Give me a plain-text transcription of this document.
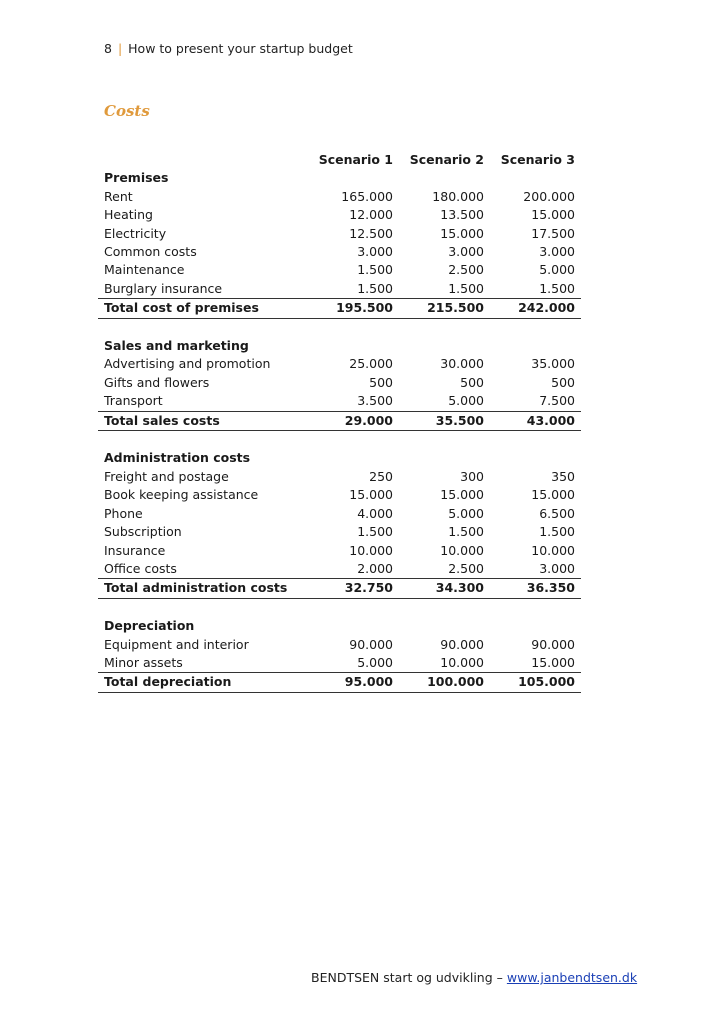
8 | How to present your startup budget
Costs
	Scenario 1	Scenario 2	Scenario 3
Premises			
Rent	165.000	180.000	200.000
Heating	12.000	13.500	15.000
Electricity	12.500	15.000	17.500
Common costs	3.000	3.000	3.000
Maintenance	1.500	2.500	5.000
Burglary insurance	1.500	1.500	1.500
Total cost of premises	195.500	215.500	242.000

Sales and marketing			
Advertising and promotion	25.000	30.000	35.000
Gifts and flowers	500	500	500
Transport	3.500	5.000	7.500
Total sales costs	29.000	35.500	43.000

Administration costs			
Freight and postage	250	300	350
Book keeping assistance	15.000	15.000	15.000
Phone	4.000	5.000	6.500
Subscription	1.500	1.500	1.500
Insurance	10.000	10.000	10.000
Office costs	2.000	2.500	3.000
Total administration costs	32.750	34.300	36.350

Depreciation			
Equipment and interior	90.000	90.000	90.000
Minor assets	5.000	10.000	15.000
Total depreciation	95.000	100.000	105.000
BENDTSEN start og udvikling – www.janbendtsen.dk
